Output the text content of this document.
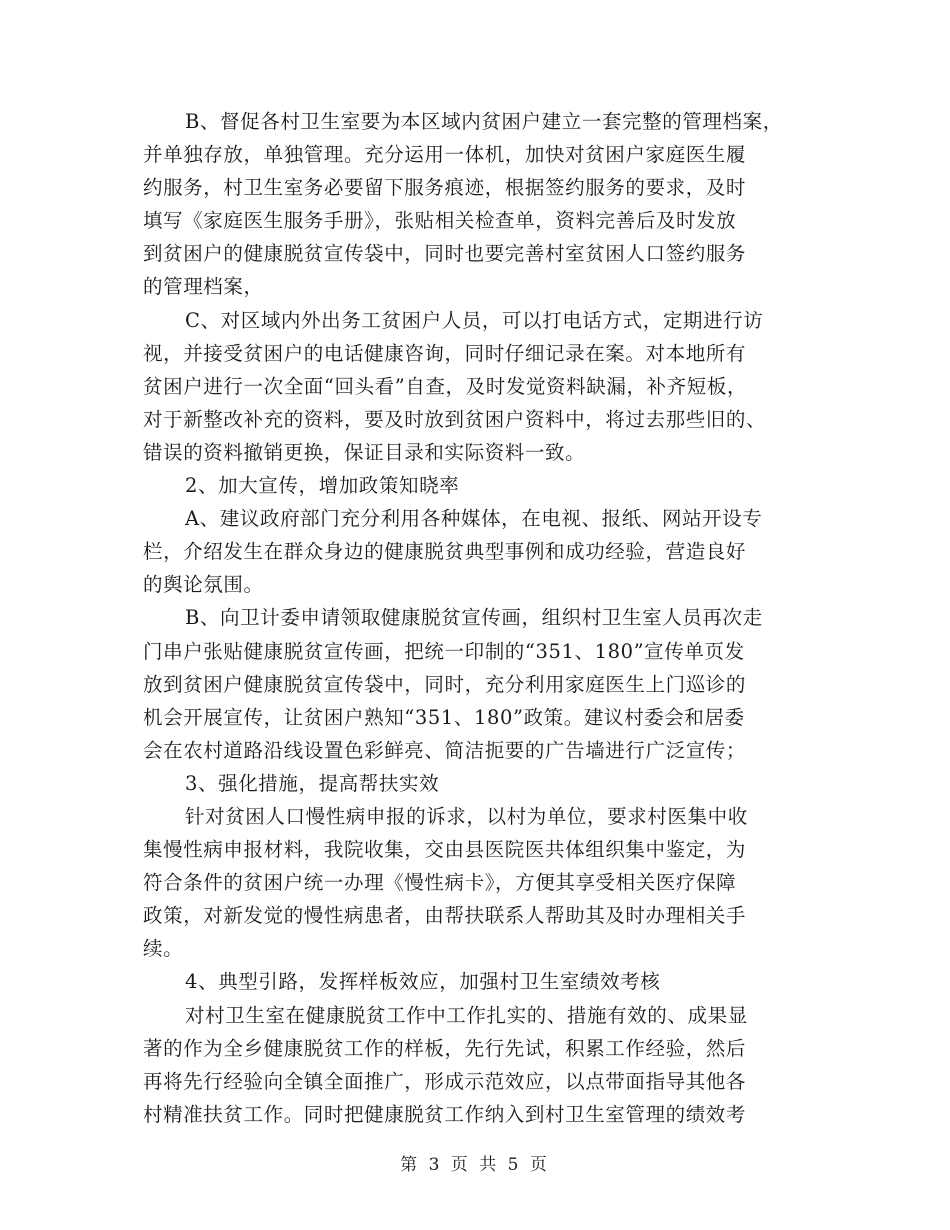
B、督促各村卫生室要为本区域内贫困户建立一套完整的管理档案，
并单独存放，单独管理。充分运用一体机，加快对贫困户家庭医生履
约服务，村卫生室务必要留下服务痕迹，根据签约服务的要求，及时
填写《家庭医生服务手册》，张贴相关检查单，资料完善后及时发放
到贫困户的健康脱贫宣传袋中，同时也要完善村室贫困人口签约服务
的管理档案，
C、对区域内外出务工贫困户人员，可以打电话方式，定期进行访
视，并接受贫困户的电话健康咨询，同时仔细记录在案。对本地所有
贫困户进行一次全面“回头看”自查，及时发觉资料缺漏，补齐短板，
对于新整改补充的资料，要及时放到贫困户资料中，将过去那些旧的、
错误的资料撤销更换，保证目录和实际资料一致。
2、加大宣传，增加政策知晓率
A、建议政府部门充分利用各种媒体，在电视、报纸、网站开设专
栏，介绍发生在群众身边的健康脱贫典型事例和成功经验，营造良好
的舆论氛围。
B、向卫计委申请领取健康脱贫宣传画，组织村卫生室人员再次走
门串户张贴健康脱贫宣传画，把统一印制的“351、180”宣传单页发
放到贫困户健康脱贫宣传袋中，同时，充分利用家庭医生上门巡诊的
机会开展宣传，让贫困户熟知“351、180”政策。建议村委会和居委
会在农村道路沿线设置色彩鲜亮、简洁扼要的广告墙进行广泛宣传；
3、强化措施，提高帮扶实效
针对贫困人口慢性病申报的诉求，以村为单位，要求村医集中收
集慢性病申报材料，我院收集，交由县医院医共体组织集中鉴定，为
符合条件的贫困户统一办理《慢性病卡》，方便其享受相关医疗保障
政策，对新发觉的慢性病患者，由帮扶联系人帮助其及时办理相关手
续。
4、典型引路，发挥样板效应，加强村卫生室绩效考核
对村卫生室在健康脱贫工作中工作扎实的、措施有效的、成果显
著的作为全乡健康脱贫工作的样板，先行先试，积累工作经验，然后
再将先行经验向全镇全面推广，形成示范效应，以点带面指导其他各
村精准扶贫工作。同时把健康脱贫工作纳入到村卫生室管理的绩效考
第 3 页 共 5 页
